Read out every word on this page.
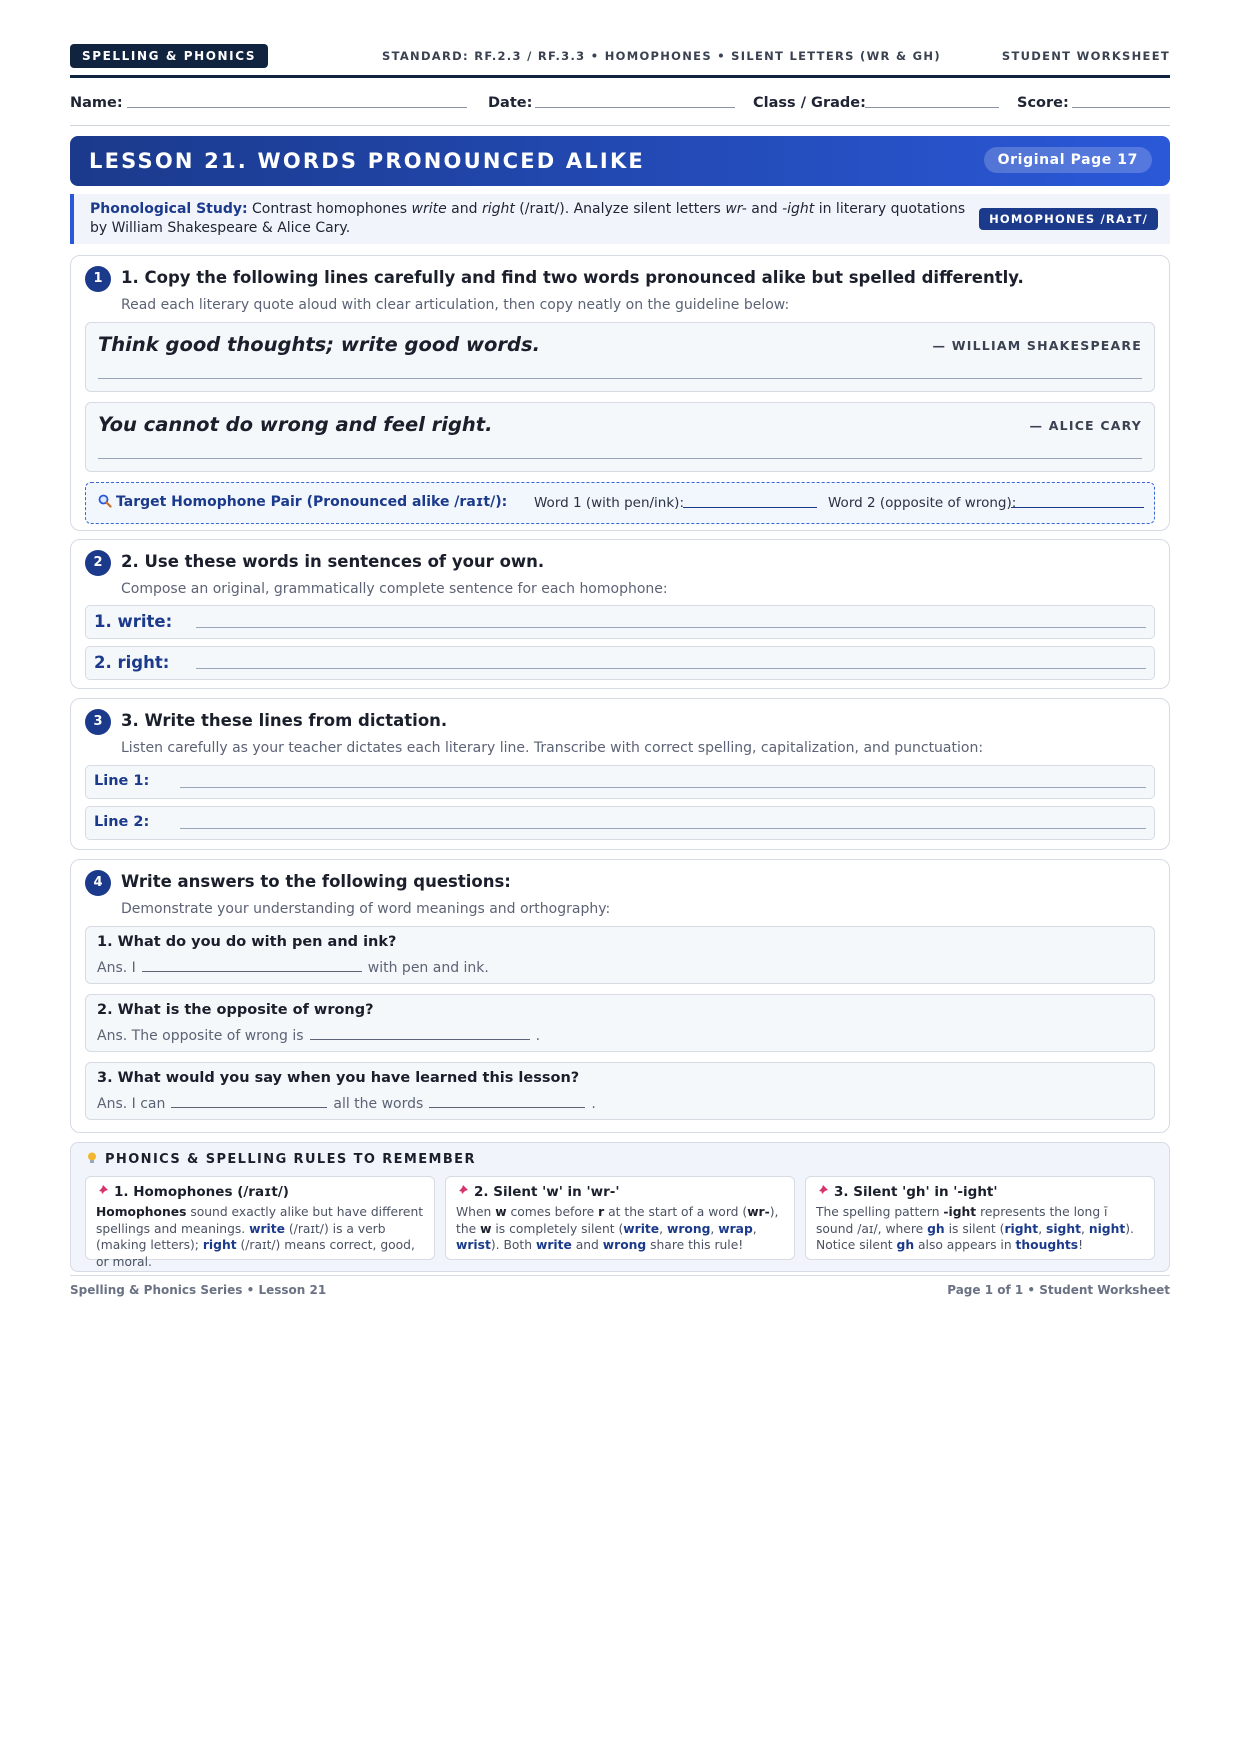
SPELLING & PHONICS	STANDARD: RF.2.3 / RF.3.3 • HOMOPHONES • SILENT LETTERS (WR & GH)	STUDENT WORKSHEET
Name:	Date:	Class / Grade:	Score:
LESSON 21. WORDS PRONOUNCED ALIKE	Original Page 17
Phonological Study: Contrast homophones write and right (/raɪt/). Analyze silent letters wr- and -ight in literary quotations by William Shakespeare & Alice Cary.
HOMOPHONES /RAɪT/
1	1. Copy the following lines carefully and find two words pronounced alike but spelled differently.
Read each literary quote aloud with clear articulation, then copy neatly on the guideline below:
Think good thoughts; write good words.	— WILLIAM SHAKESPEARE
You cannot do wrong and feel right.	— ALICE CARY
Target Homophone Pair (Pronounced alike /raɪt/): Word 1 (with pen/ink):	Word 2 (opposite of wrong):
2	2. Use these words in sentences of your own.
Compose an original, grammatically complete sentence for each homophone:
1. write:
2. right:
3	3. Write these lines from dictation.
Listen carefully as your teacher dictates each literary line. Transcribe with correct spelling, capitalization, and punctuation:
Line 1:
Line 2:
4	Write answers to the following questions:
Demonstrate your understanding of word meanings and orthography:
1. What do you do with pen and ink?
Ans. I	with pen and ink.
2. What is the opposite of wrong?
Ans. The opposite of wrong is	.
3. What would you say when you have learned this lesson?
Ans. I can	all the words	.
PHONICS & SPELLING RULES TO REMEMBER
1. Homophones (/raɪt/)
Homophones sound exactly alike but have different spellings and meanings. write (/raɪt/) is a verb (making letters); right (/raɪt/) means correct, good, or moral.
2. Silent 'w' in 'wr-'
When w comes before r at the start of a word (wr-), the w is completely silent (write, wrong, wrap, wrist). Both write and wrong share this rule!
3. Silent 'gh' in '-ight'
The spelling pattern -ight represents the long ī sound /aɪ/, where gh is silent (right, sight, night). Notice silent gh also appears in thoughts!
Spelling & Phonics Series • Lesson 21	Page 1 of 1 • Student Worksheet
